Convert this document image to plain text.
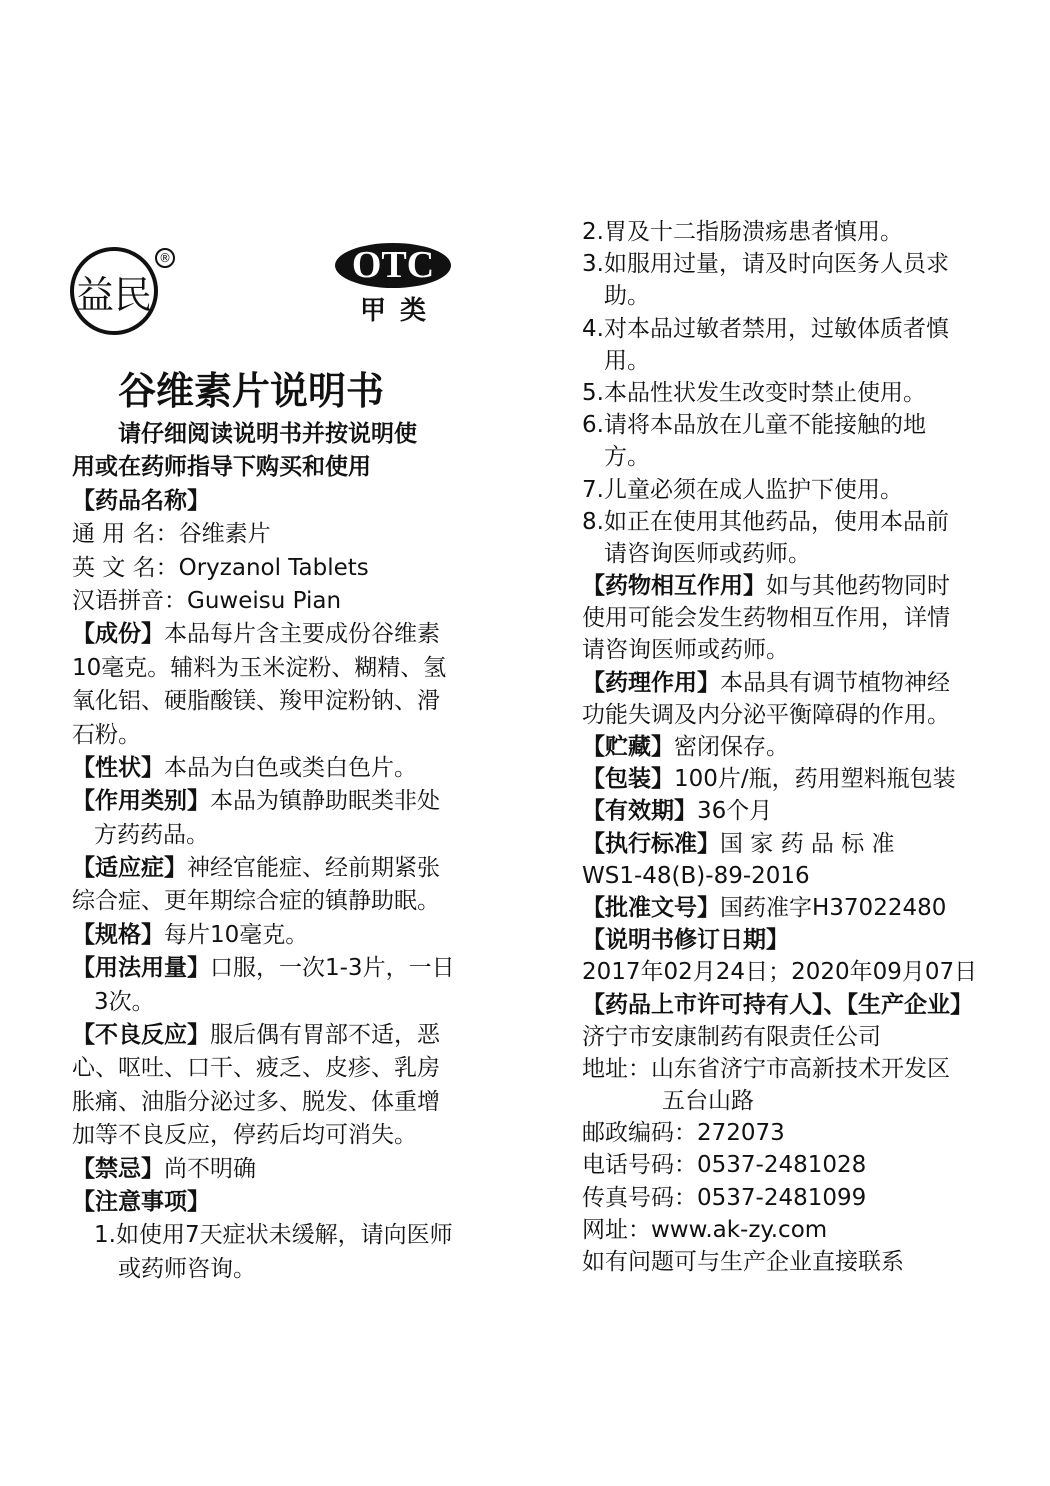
益民
®	OTC
甲类
谷维素片说明书
请仔细阅读说明书并按说明使
用或在药师指导下购买和使用
【药品名称】
通 用 名：谷维素片
英 文 名：Oryzanol Tablets
汉语拼音：Guweisu Pian
【成份】本品每片含主要成份谷维素
10毫克。辅料为玉米淀粉、糊精、氢
氧化铝、硬脂酸镁、羧甲淀粉钠、滑
石粉。
【性状】本品为白色或类白色片。
【作用类别】本品为镇静助眠类非处
方药药品。
【适应症】神经官能症、经前期紧张
综合症、更年期综合症的镇静助眠。
【规格】每片10毫克。
【用法用量】口服，一次1-3片，一日
3次。
【不良反应】服后偶有胃部不适，恶
心、呕吐、口干、疲乏、皮疹、乳房
胀痛、油脂分泌过多、脱发、体重增
加等不良反应，停药后均可消失。
【禁忌】尚不明确
【注意事项】
1.如使用7天症状未缓解，请向医师
或药师咨询。
2.胃及十二指肠溃疡患者慎用。
3.如服用过量，请及时向医务人员求
助。
4.对本品过敏者禁用，过敏体质者慎
用。
5.本品性状发生改变时禁止使用。
6.请将本品放在儿童不能接触的地
方。
7.儿童必须在成人监护下使用。
8.如正在使用其他药品，使用本品前
请咨询医师或药师。
【药物相互作用】如与其他药物同时
使用可能会发生药物相互作用，详情
请咨询医师或药师。
【药理作用】本品具有调节植物神经
功能失调及内分泌平衡障碍的作用。
【贮藏】密闭保存。
【包装】100片/瓶，药用塑料瓶包装
【有效期】36个月
【执行标准】国 家 药 品 标 准
WS1-48(B)-89-2016
【批准文号】国药准字H37022480
【说明书修订日期】
2017年02月24日；2020年09月07日
【药品上市许可持有人】、【生产企业】
济宁市安康制药有限责任公司
地址：山东省济宁市高新技术开发区
五台山路
邮政编码：272073
电话号码：0537-2481028
传真号码：0537-2481099
网址：www.ak-zy.com
如有问题可与生产企业直接联系
